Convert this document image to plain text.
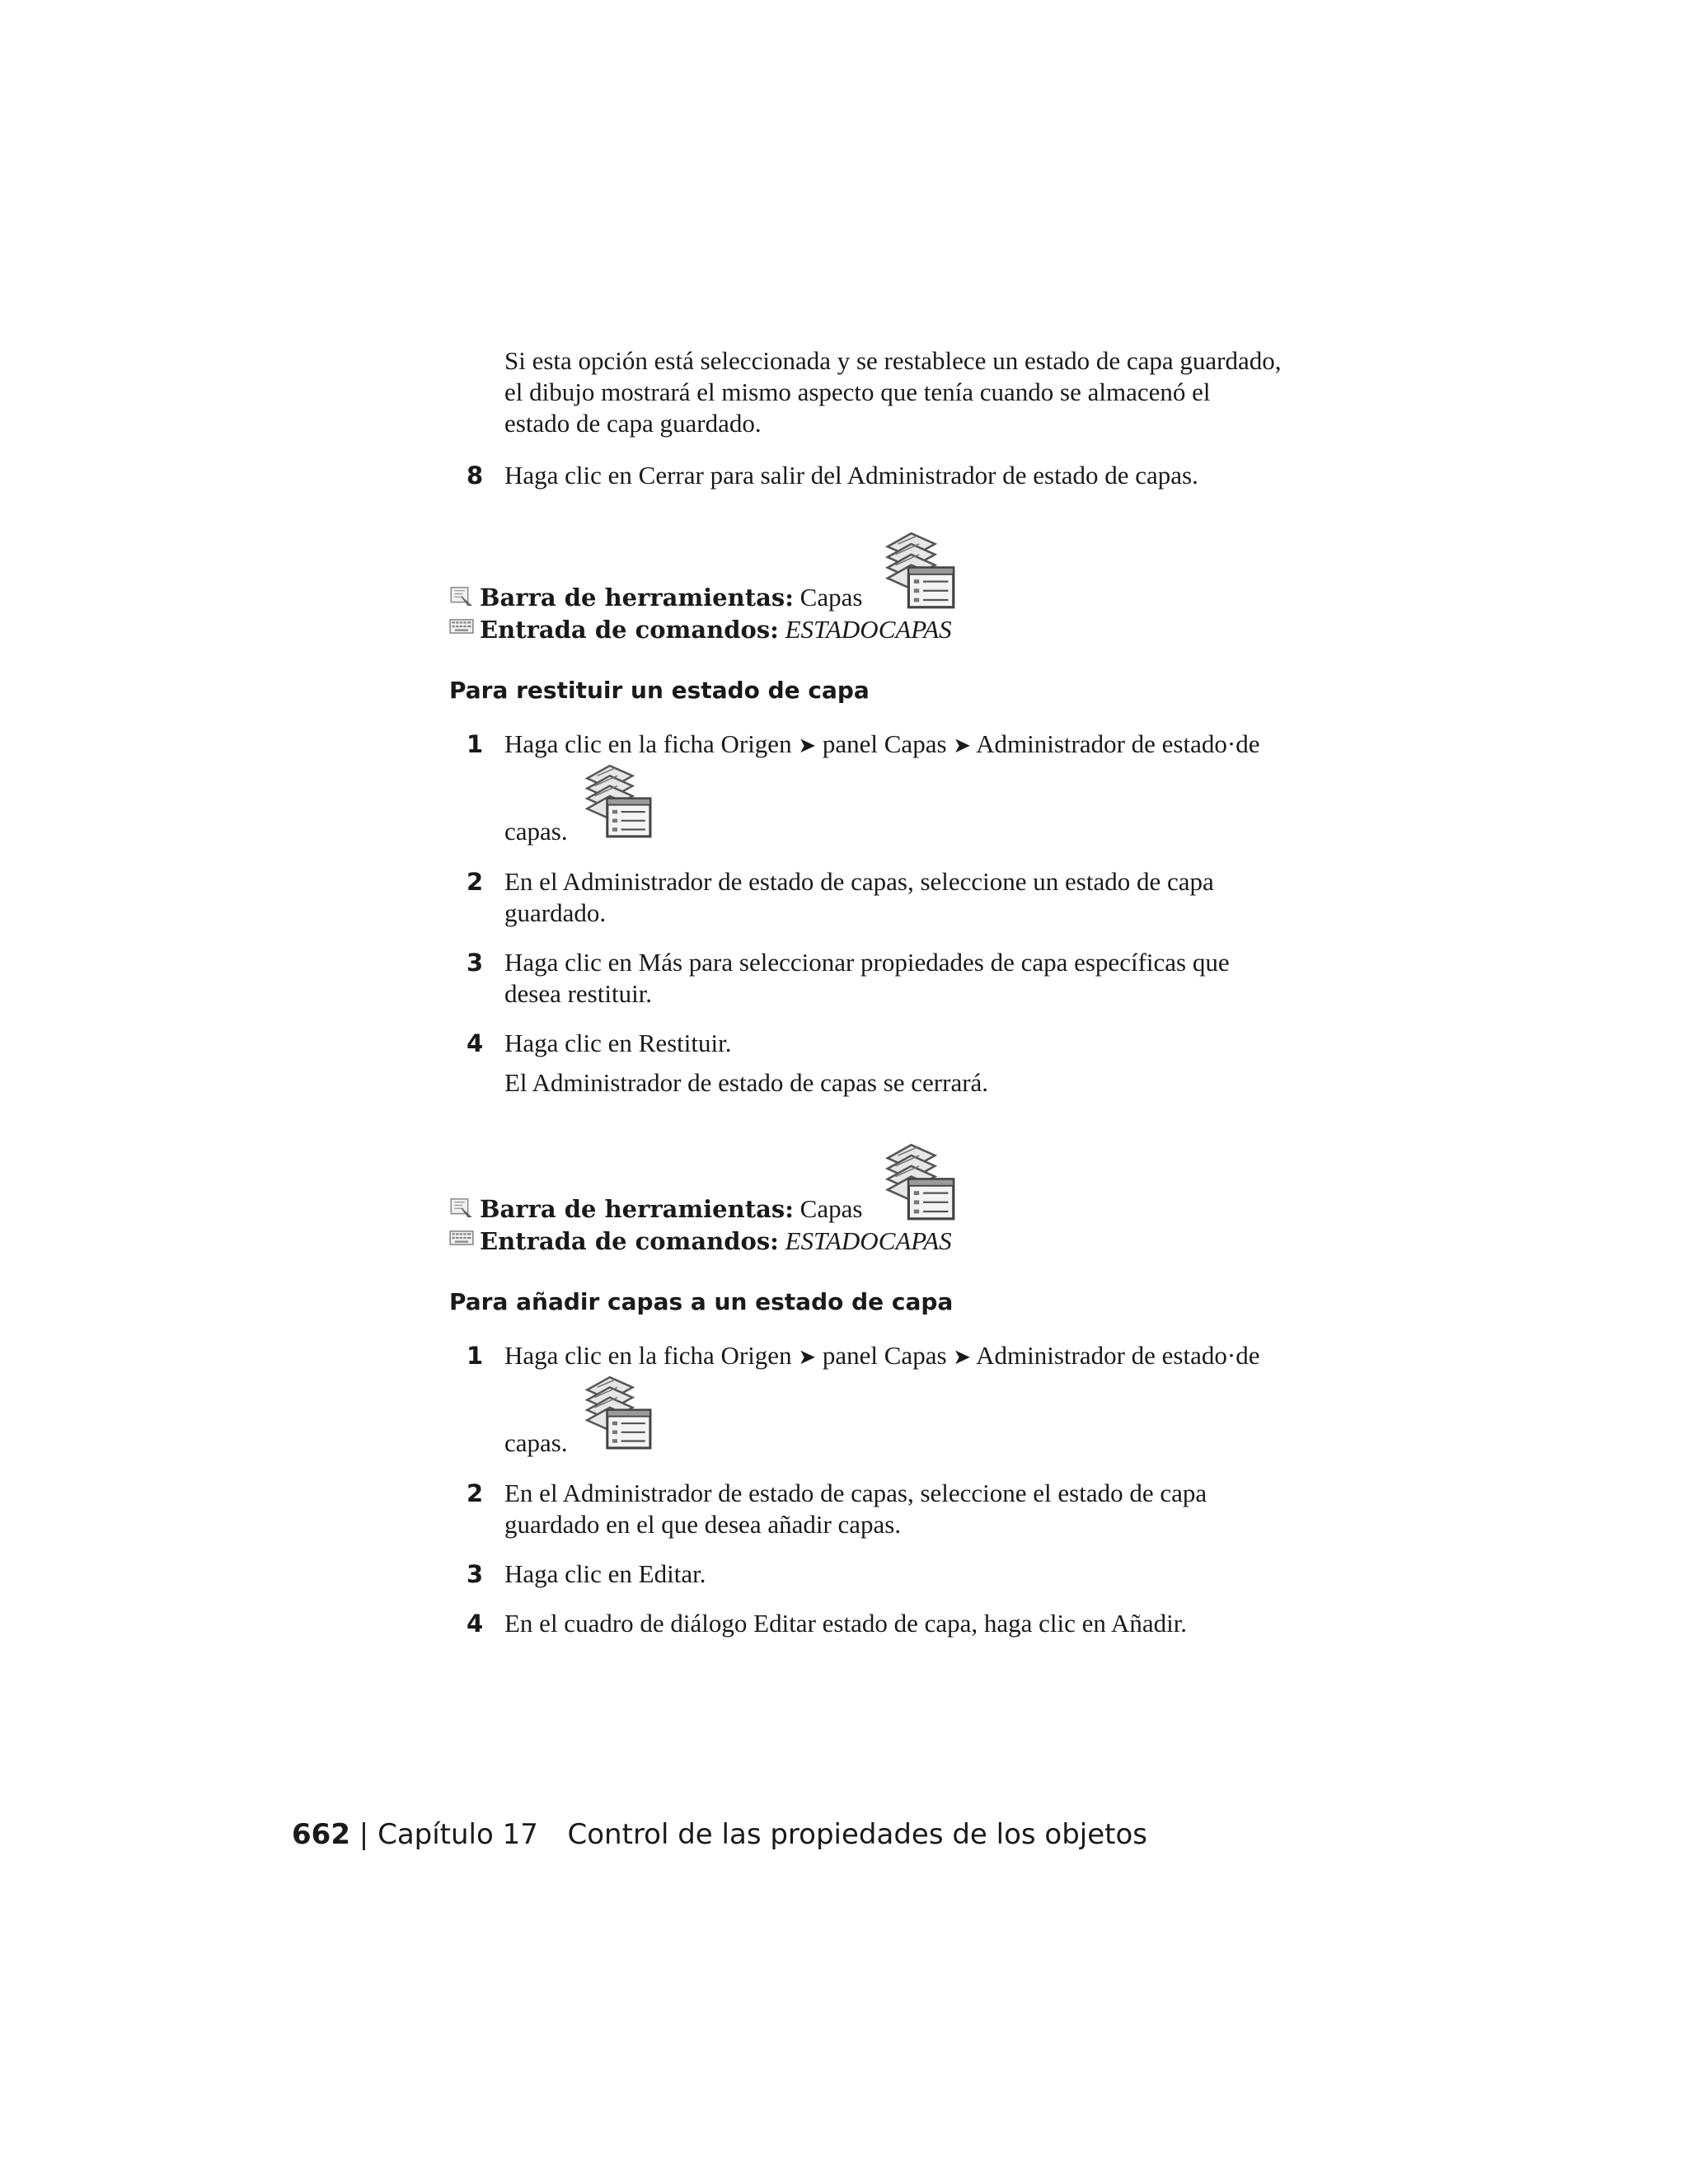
Si esta opción está seleccionada y se restablece un estado de capa guardado,
el dibujo mostrará el mismo aspecto que tenía cuando se almacenó el
estado de capa guardado.
8 Haga clic en Cerrar para salir del Administrador de estado de capas.
Barra de herramientas: Capas
Entrada de comandos: ESTADOCAPAS
Para restituir un estado de capa
1 Haga clic en la ficha Origen ➤ panel Capas ➤ Administrador de estado·de
capas.
2 En el Administrador de estado de capas, seleccione un estado de capa
guardado.
3 Haga clic en Más para seleccionar propiedades de capa específicas que
desea restituir.
4 Haga clic en Restituir.
El Administrador de estado de capas se cerrará.
Barra de herramientas: Capas
Entrada de comandos: ESTADOCAPAS
Para añadir capas a un estado de capa
1 Haga clic en la ficha Origen ➤ panel Capas ➤ Administrador de estado·de
capas.
2 En el Administrador de estado de capas, seleccione el estado de capa
guardado en el que desea añadir capas.
3 Haga clic en Editar.
4 En el cuadro de diálogo Editar estado de capa, haga clic en Añadir.
662 | Capítulo 17 Control de las propiedades de los objetos
